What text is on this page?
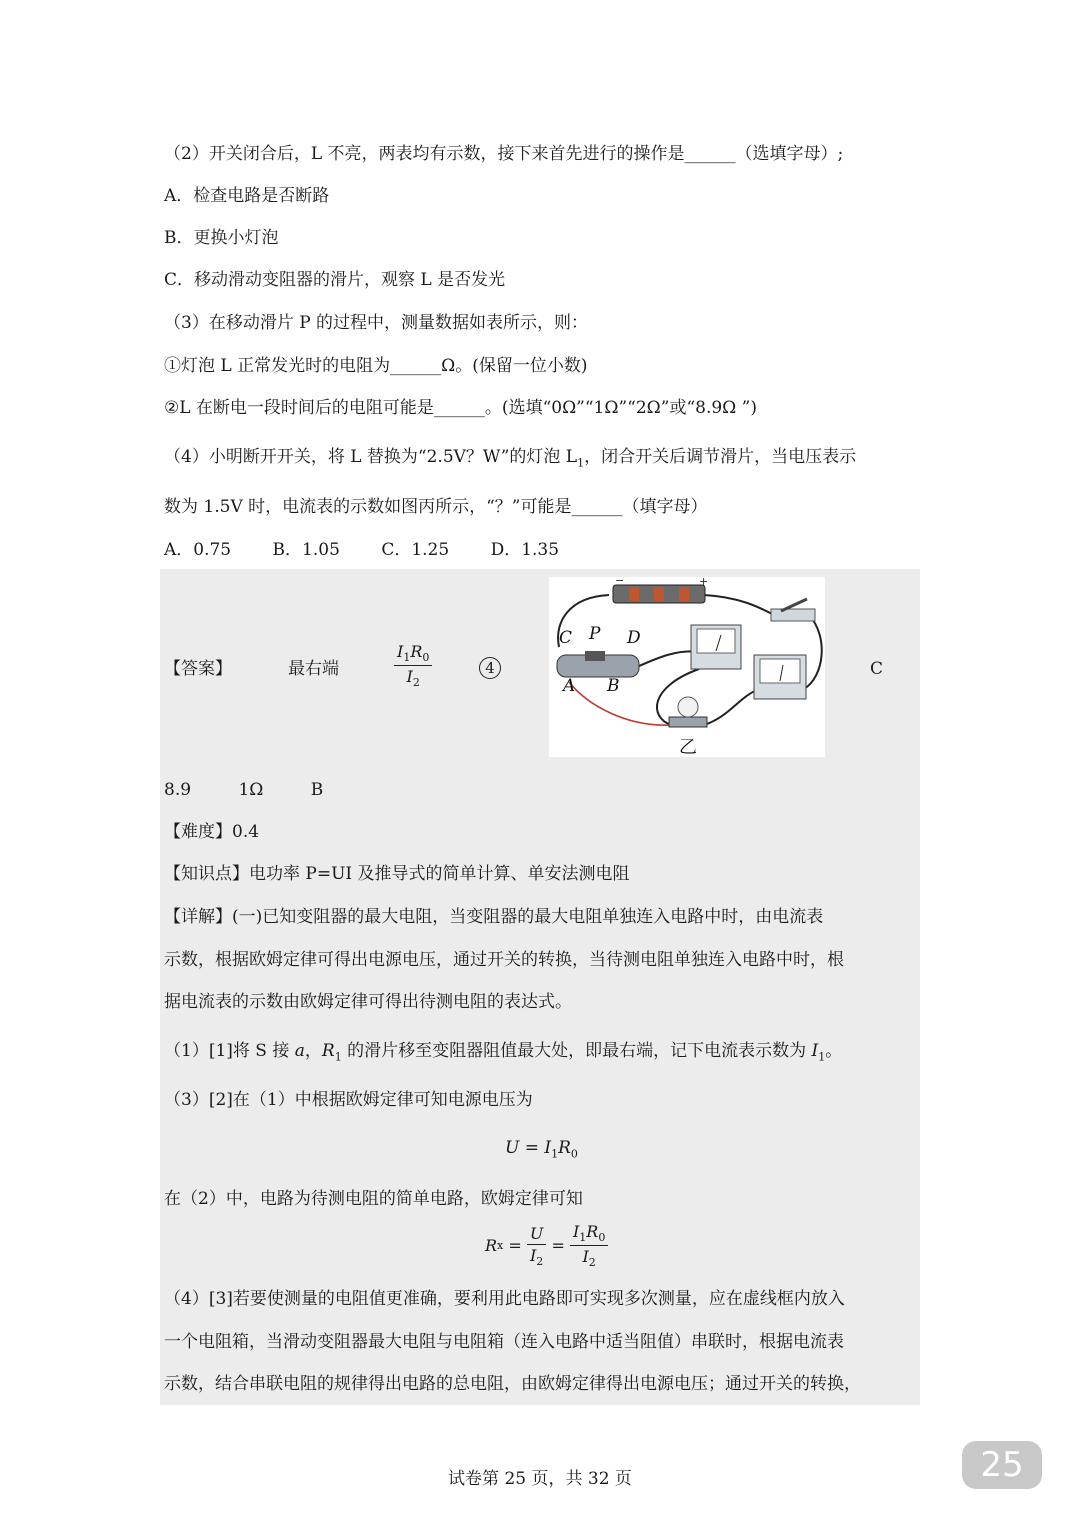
（2）开关闭合后，L 不亮，两表均有示数，接下来首先进行的操作是______（选填字母）;
A．检查电路是否断路
B．更换小灯泡
C．移动滑动变阻器的滑片，观察 L 是否发光
（3）在移动滑片 P 的过程中，测量数据如表所示，则：
①灯泡 L 正常发光时的电阻为______Ω。(保留一位小数)
②L 在断电一段时间后的电阻可能是______。(选填“0Ω”“1Ω”“2Ω”或“8.9Ω ”)
（4）小明断开开关，将 L 替换为“2.5V？W”的灯泡 $L_1$，闭合开关后调节滑片，当电压表示
数为 1.5V 时，电流表的示数如图丙所示，“？”可能是______（填字母）
A．0.75 B．1.05 C．1.25 D．1.35
【答案】	最右端	$\frac{I_1R_0}{I_2}$	4	C
−	+
C P D
A B
乙
8.9	1Ω	B
【难度】0.4
【知识点】电功率 P=UI 及推导式的简单计算、单安法测电阻
【详解】(一)已知变阻器的最大电阻，当变阻器的最大电阻单独连入电路中时，由电流表
示数，根据欧姆定律可得出电源电压，通过开关的转换，当待测电阻单独连入电路中时，根
据电流表的示数由欧姆定律可得出待测电阻的表达式。
（1）[1]将 S 接 a，$R_1$ 的滑片移至变阻器阻值最大处，即最右端，记下电流表示数为 $I_1$。
（3）[2]在（1）中根据欧姆定律可知电源电压为
$U = I_1R_0$
在（2）中，电路为待测电阻的简单电路，欧姆定律可知
$Rx = \frac{U}{I_2} = \frac{I_1R_0}{I_2}$
（4）[3]若要使测量的电阻值更准确，要利用此电路即可实现多次测量，应在虚线框内放入
一个电阻箱，当滑动变阻器最大电阻与电阻箱（连入电路中适当阻值）串联时，根据电流表
示数，结合串联电阻的规律得出电路的总电阻，由欧姆定律得出电源电压；通过开关的转换，
试卷第 25 页，共 32 页	25
